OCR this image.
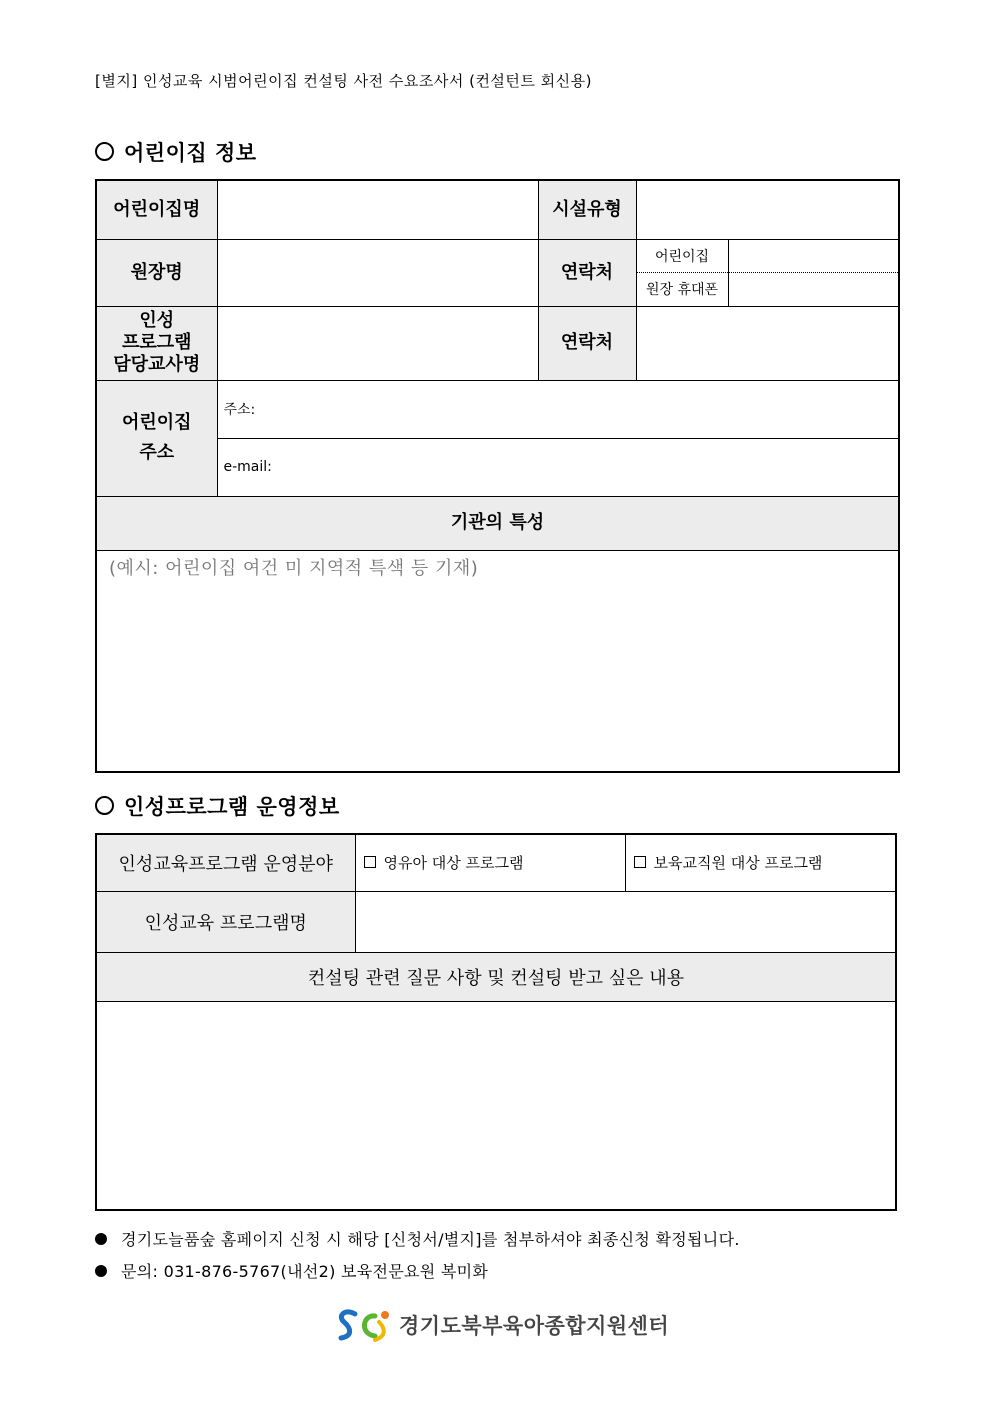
[별지] 인성교육 시범어린이집 컨설팅 사전 수요조사서 (컨설턴트 회신용)
어린이집 정보
어린이집명		시설유형		
원장명		연락처	어린이집	
			원장 휴대폰	
인성
프로그램
담당교사명		연락처		
어린이집
주소	주소:			
	e-mail:			
기관의 특성				
(예시: 어린이집 여건 미 지역적 특색 등 기재)				
인성프로그램 운영정보
인성교육프로그램 운영분야	영유아 대상 프로그램	보육교직원 대상 프로그램
인성교육 프로그램명		
컨설팅 관련 질문 사항 및 컨설팅 받고 싶은 내용		

경기도늘품숲 홈페이지 신청 시 해당 [신청서/별지]를 첨부하셔야 최종신청 확정됩니다.
문의: 031-876-5767(내선2) 보육전문요원 복미화
경기도북부육아종합지원센터
